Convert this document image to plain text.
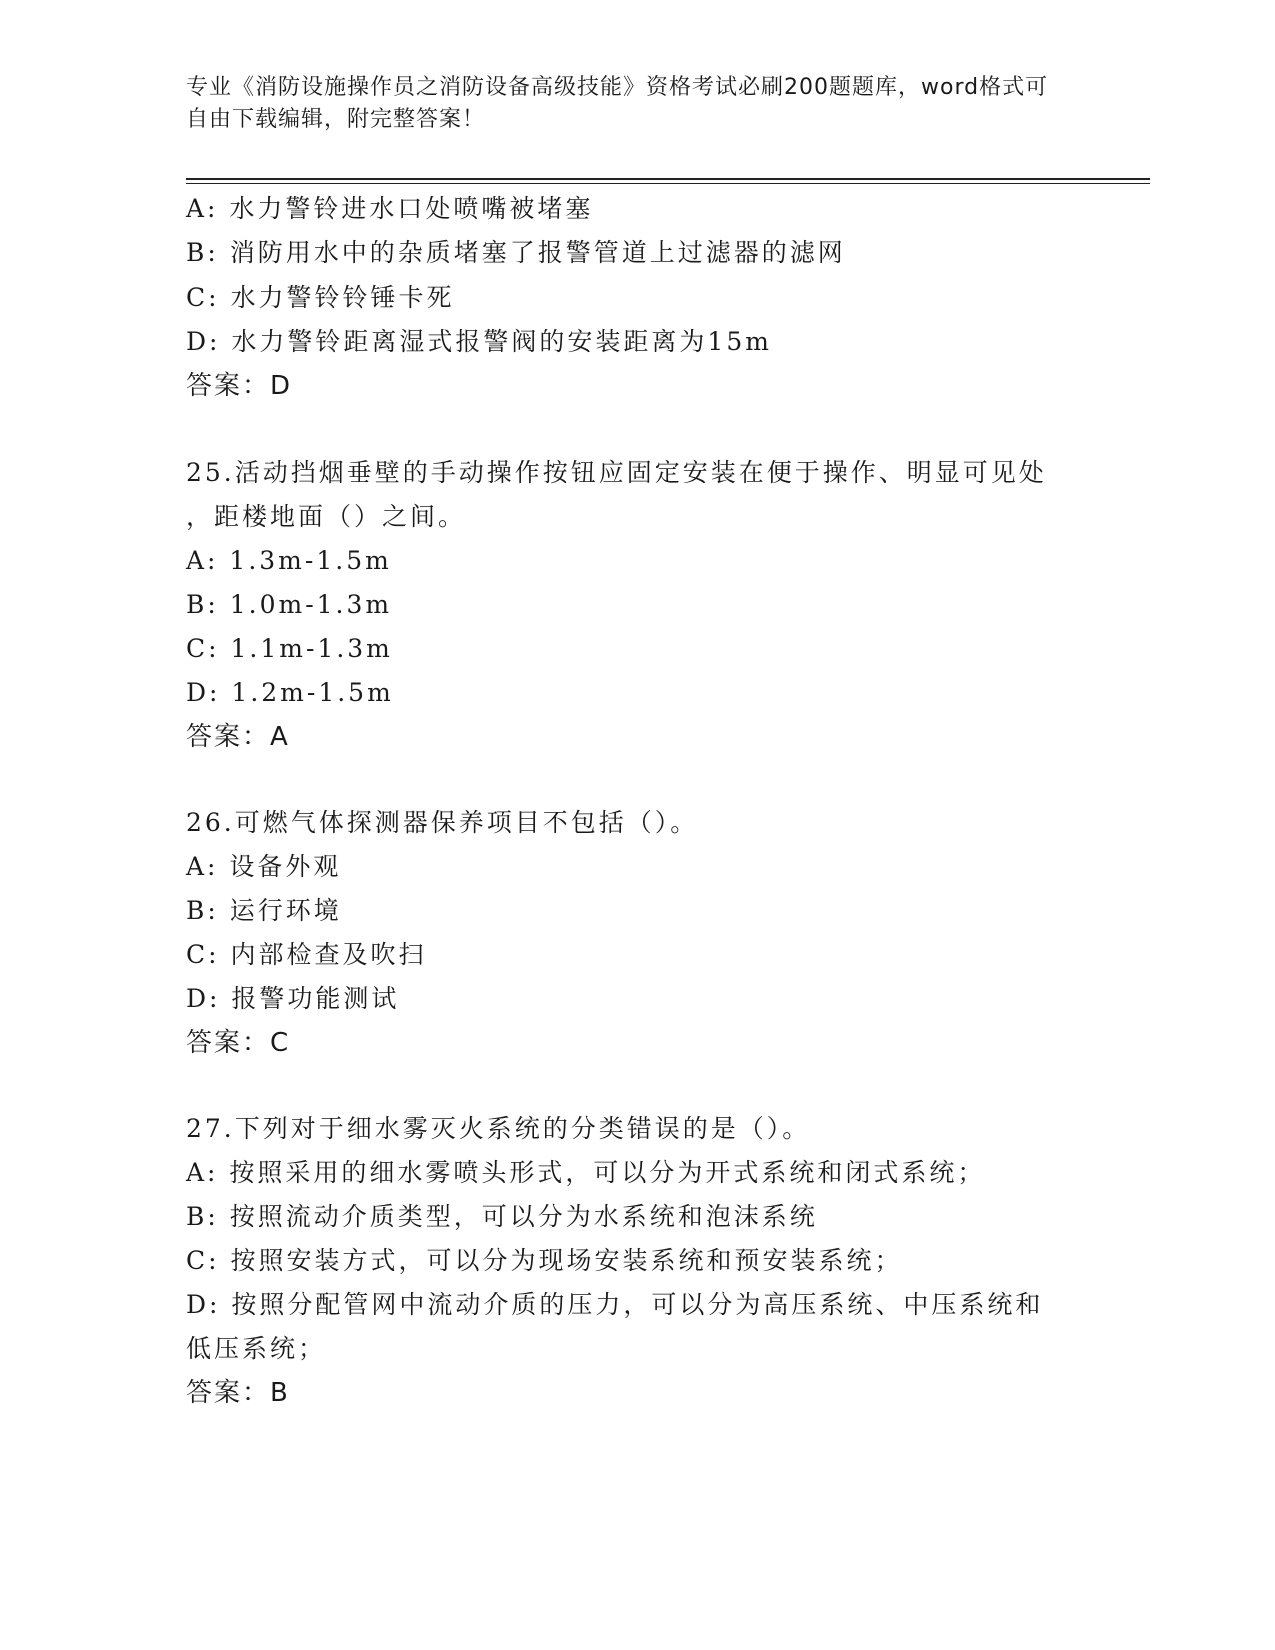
专业《消防设施操作员之消防设备高级技能》资格考试必刷200题题库，word格式可自由下载编辑，附完整答案！
A: 水力警铃进水口处喷嘴被堵塞
B: 消防用水中的杂质堵塞了报警管道上过滤器的滤网
C: 水力警铃铃锤卡死
D: 水力警铃距离湿式报警阀的安装距离为15m
答案：D
25.活动挡烟垂壁的手动操作按钮应固定安装在便于操作、明显可见处
，距楼地面（）之间。
A: 1.3m-1.5m
B: 1.0m-1.3m
C: 1.1m-1.3m
D: 1.2m-1.5m
答案：A
26.可燃气体探测器保养项目不包括（）。
A: 设备外观
B: 运行环境
C: 内部检查及吹扫
D: 报警功能测试
答案：C
27.下列对于细水雾灭火系统的分类错误的是（）。
A: 按照采用的细水雾喷头形式，可以分为开式系统和闭式系统；
B: 按照流动介质类型，可以分为水系统和泡沫系统
C: 按照安装方式，可以分为现场安装系统和预安装系统；
D: 按照分配管网中流动介质的压力，可以分为高压系统、中压系统和
低压系统；
答案：B
